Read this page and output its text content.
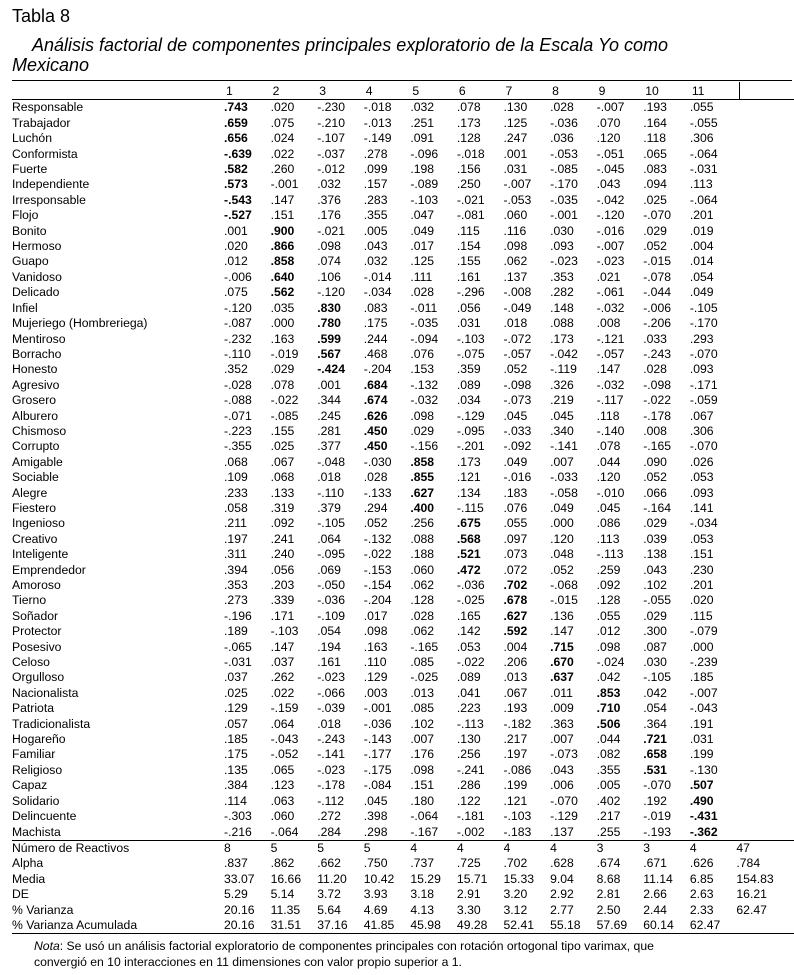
Tabla 8
Análisis factorial de componentes principales exploratorio de la Escala Yo como
Mexicano
	1	2	3	4	5	6	7	8	9	10	11	
Responsable	.743	.020	-.230	-.018	.032	.078	.130	.028	-.007	.193	.055	
Trabajador	.659	.075	-.210	-.013	.251	.173	.125	-.036	.070	.164	-.055	
Luchón	.656	.024	-.107	-.149	.091	.128	.247	.036	.120	.118	.306	
Conformista	-.639	.022	-.037	.278	-.096	-.018	.001	-.053	-.051	.065	-.064	
Fuerte	.582	.260	-.012	.099	.198	.156	.031	-.085	-.045	.083	-.031	
Independiente	.573	-.001	.032	.157	-.089	.250	-.007	-.170	.043	.094	.113	
Irresponsable	-.543	.147	.376	.283	-.103	-.021	-.053	-.035	-.042	.025	-.064	
Flojo	-.527	.151	.176	.355	.047	-.081	.060	-.001	-.120	-.070	.201	
Bonito	.001	.900	-.021	.005	.049	.115	.116	.030	-.016	.029	.019	
Hermoso	.020	.866	.098	.043	.017	.154	.098	.093	-.007	.052	.004	
Guapo	.012	.858	.074	.032	.125	.155	.062	-.023	-.023	-.015	.014	
Vanidoso	-.006	.640	.106	-.014	.111	.161	.137	.353	.021	-.078	.054	
Delicado	.075	.562	-.120	-.034	.028	-.296	-.008	.282	-.061	-.044	.049	
Infiel	-.120	.035	.830	.083	-.011	.056	-.049	.148	-.032	-.006	-.105	
Mujeriego (Hombreriega)	-.087	.000	.780	.175	-.035	.031	.018	.088	.008	-.206	-.170	
Mentiroso	-.232	.163	.599	.244	-.094	-.103	-.072	.173	-.121	.033	.293	
Borracho	-.110	-.019	.567	.468	.076	-.075	-.057	-.042	-.057	-.243	-.070	
Honesto	.352	.029	-.424	-.204	.153	.359	.052	-.119	.147	.028	.093	
Agresivo	-.028	.078	.001	.684	-.132	.089	-.098	.326	-.032	-.098	-.171	
Grosero	-.088	-.022	.344	.674	-.032	.034	-.073	.219	-.117	-.022	-.059	
Alburero	-.071	-.085	.245	.626	.098	-.129	.045	.045	.118	-.178	.067	
Chismoso	-.223	.155	.281	.450	.029	-.095	-.033	.340	-.140	.008	.306	
Corrupto	-.355	.025	.377	.450	-.156	-.201	-.092	-.141	.078	-.165	-.070	
Amigable	.068	.067	-.048	-.030	.858	.173	.049	.007	.044	.090	.026	
Sociable	.109	.068	.018	.028	.855	.121	-.016	-.033	.120	.052	.053	
Alegre	.233	.133	-.110	-.133	.627	.134	.183	-.058	-.010	.066	.093	
Fiestero	.058	.319	.379	.294	.400	-.115	.076	.049	.045	-.164	.141	
Ingenioso	.211	.092	-.105	.052	.256	.675	.055	.000	.086	.029	-.034	
Creativo	.197	.241	.064	-.132	.088	.568	.097	.120	.113	.039	.053	
Inteligente	.311	.240	-.095	-.022	.188	.521	.073	.048	-.113	.138	.151	
Emprendedor	.394	.056	.069	-.153	.060	.472	.072	.052	.259	.043	.230	
Amoroso	.353	.203	-.050	-.154	.062	-.036	.702	-.068	.092	.102	.201	
Tierno	.273	.339	-.036	-.204	.128	-.025	.678	-.015	.128	-.055	.020	
Soñador	-.196	.171	-.109	.017	.028	.165	.627	.136	.055	.029	.115	
Protector	.189	-.103	.054	.098	.062	.142	.592	.147	.012	.300	-.079	
Posesivo	-.065	.147	.194	.163	-.165	.053	.004	.715	.098	.087	.000	
Celoso	-.031	.037	.161	.110	.085	-.022	.206	.670	-.024	.030	-.239	
Orgulloso	.037	.262	-.023	.129	-.025	.089	.013	.637	.042	-.105	.185	
Nacionalista	.025	.022	-.066	.003	.013	.041	.067	.011	.853	.042	-.007	
Patriota	.129	-.159	-.039	-.001	.085	.223	.193	.009	.710	.054	-.043	
Tradicionalista	.057	.064	.018	-.036	.102	-.113	-.182	.363	.506	.364	.191	
Hogareño	.185	-.043	-.243	-.143	.007	.130	.217	.007	.044	.721	.031	
Familiar	.175	-.052	-.141	-.177	.176	.256	.197	-.073	.082	.658	.199	
Religioso	.135	.065	-.023	-.175	.098	-.241	-.086	.043	.355	.531	-.130	
Capaz	.384	.123	-.178	-.084	.151	.286	.199	.006	.005	-.070	.507	
Solidario	.114	.063	-.112	.045	.180	.122	.121	-.070	.402	.192	.490	
Delincuente	-.303	.060	.272	.398	-.064	-.181	-.103	-.129	.217	-.019	-.431	
Machista	-.216	-.064	.284	.298	-.167	-.002	-.183	.137	.255	-.193	-.362	
Número de Reactivos	8	5	5	5	4	4	4	4	3	3	4	47
Alpha	.837	.862	.662	.750	.737	.725	.702	.628	.674	.671	.626	.784
Media	33.07	16.66	11.20	10.42	15.29	15.71	15.33	9.04	8.68	11.14	6.85	154.83
DE	5.29	5.14	3.72	3.93	3.18	2.91	3.20	2.92	2.81	2.66	2.63	16.21
% Varianza	20.16	11.35	5.64	4.69	4.13	3.30	3.12	2.77	2.50	2.44	2.33	62.47
% Varianza Acumulada	20.16	31.51	37.16	41.85	45.98	49.28	52.41	55.18	57.69	60.14	62.47	
Nota: Se usó un análisis factorial exploratorio de componentes principales con rotación ortogonal tipo varimax, que
convergió en 10 interacciones en 11 dimensiones con valor propio superior a 1.
